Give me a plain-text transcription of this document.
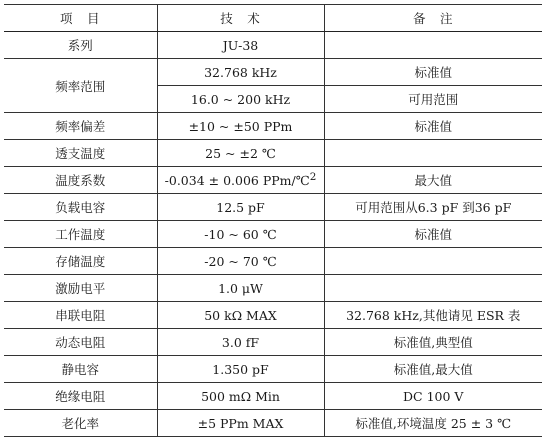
项　目	技　术	备　注
系列	JU-38	
频率范围	32.768 kHz	标准值
	16.0 ~ 200 kHz	可用范围
频率偏差	±10 ~ ±50 PPm	标准值
透支温度	25 ~ ±2 ℃	
温度系数	-0.034 ± 0.006 PPm/℃$^2$	最大值
负载电容	12.5 pF	可用范围从6.3 pF 到36 pF
工作温度	-10 ~ 60 ℃	标准值
存储温度	-20 ~ 70 ℃	
激励电平	1.0 μW	
串联电阻	50 kΩ MAX	32.768 kHz,其他请见 ESR 表
动态电阻	3.0 fF	标准值,典型值
静电容	1.350 pF	标准值,最大值
绝缘电阻	500 mΩ Min	DC 100 V
老化率	±5 PPm MAX	标准值,环境温度 25 ± 3 ℃
